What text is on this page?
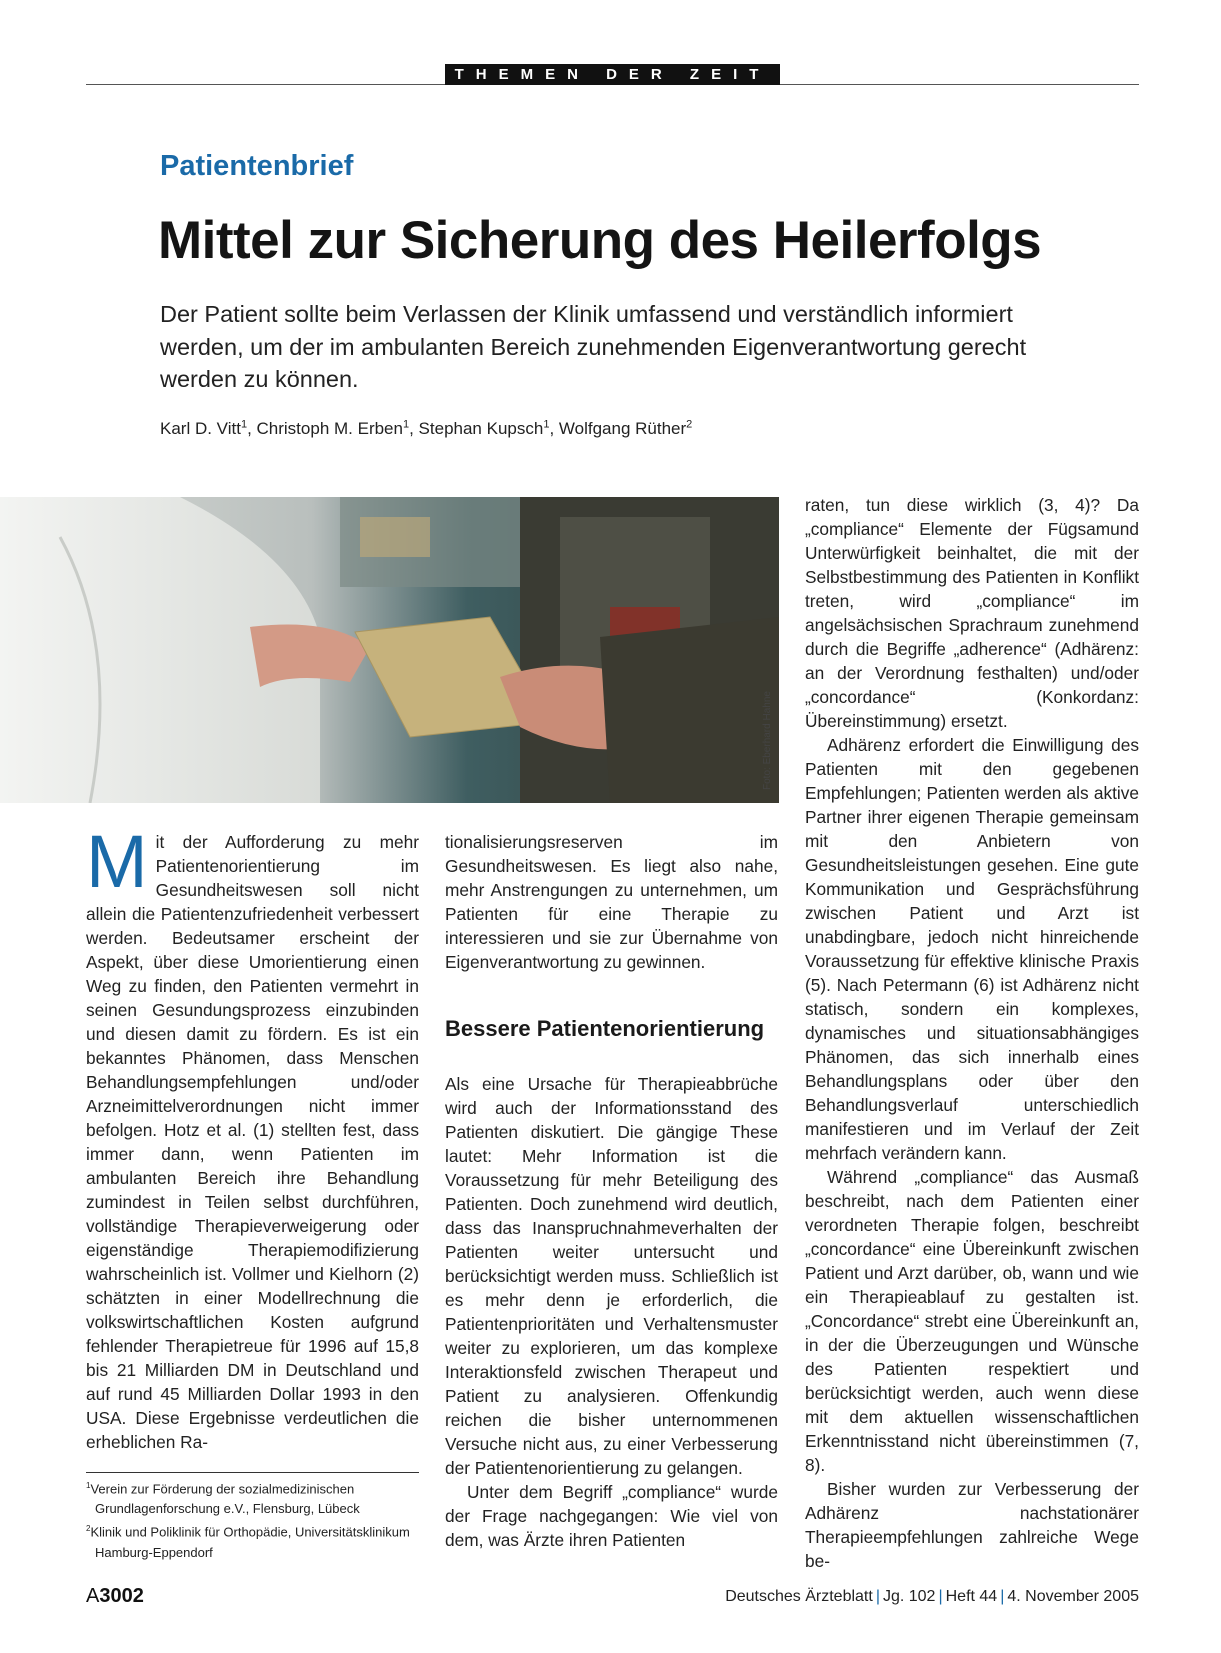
THEMEN DER ZEIT
Patientenbrief
Mittel zur Sicherung des Heilerfolgs
Der Patient sollte beim Verlassen der Klinik umfassend und verständlich informiert werden, um der im ambulanten Bereich zunehmenden Eigenverantwortung gerecht werden zu können.
Karl D. Vitt$^1$, Christoph M. Erben$^1$, Stephan Kupsch$^1$, Wolfgang Rüther$^2$
Foto: Eberhard Hahne
M it der Aufforderung zu mehr Patientenorientierung im Gesundheitswesen soll nicht allein die Patientenzufriedenheit verbessert werden. Bedeutsamer erscheint der Aspekt, über diese Umorientierung einen Weg zu finden, den Patienten vermehrt in seinen Gesundungsprozess einzubinden und diesen damit zu fördern. Es ist ein bekanntes Phänomen, dass Menschen Behandlungsempfehlungen und/oder Arzneimittelverordnungen nicht immer befolgen. Hotz et al. (1) stellten fest, dass immer dann, wenn Patienten im ambulanten Bereich ihre Behandlung zumindest in Teilen selbst durchführen, vollständige Therapieverweigerung oder eigenständige Therapiemodifizierung wahrscheinlich ist. Vollmer und Kielhorn (2) schätzten in einer Modellrechnung die volkswirtschaftlichen Kosten aufgrund fehlender Therapietreue für 1996 auf 15,8 bis 21 Milliarden DM in Deutschland und auf rund 45 Milliarden Dollar 1993 in den USA. Diese Ergebnisse verdeutlichen die erheblichen Ra-

tionalisierungsreserven im Gesundheitswesen. Es liegt also nahe, mehr Anstrengungen zu unternehmen, um Patienten für eine Therapie zu interessieren und sie zur Übernahme von Eigenverantwortung zu gewinnen.

Bessere Patientenorientierung

Als eine Ursache für Therapieabbrüche wird auch der Informationsstand des Patienten diskutiert. Die gängige These lautet: Mehr Information ist die Voraussetzung für mehr Beteiligung des Patienten. Doch zunehmend wird deutlich, dass das Inanspruchnahmeverhalten der Patienten weiter untersucht und berücksichtigt werden muss. Schließlich ist es mehr denn je erforderlich, die Patientenprioritäten und Verhaltensmuster weiter zu explorieren, um das komplexe Interaktionsfeld zwischen Therapeut und Patient zu analysieren. Offenkundig reichen die bisher unternommenen Versuche nicht aus, zu einer Verbesserung der Patientenorientierung zu gelangen.

Unter dem Begriff „compliance“ wurde der Frage nachgegangen: Wie viel von dem, was Ärzte ihren Patienten

raten, tun diese wirklich (3, 4)? Da „compliance“ Elemente der Fügsamund Unterwürfigkeit beinhaltet, die mit der Selbstbestimmung des Patienten in Konflikt treten, wird „compliance“ im angelsächsischen Sprachraum zunehmend durch die Begriffe „adherence“ (Adhärenz: an der Verordnung festhalten) und/oder „concordance“ (Konkordanz: Übereinstimmung) ersetzt.

Adhärenz erfordert die Einwilligung des Patienten mit den gegebenen Empfehlungen; Patienten werden als aktive Partner ihrer eigenen Therapie gemeinsam mit den Anbietern von Gesundheitsleistungen gesehen. Eine gute Kommunikation und Gesprächsführung zwischen Patient und Arzt ist unabdingbare, jedoch nicht hinreichende Voraussetzung für effektive klinische Praxis (5). Nach Petermann (6) ist Adhärenz nicht statisch, sondern ein komplexes, dynamisches und situationsabhängiges Phänomen, das sich innerhalb eines Behandlungsplans oder über den Behandlungsverlauf unterschiedlich manifestieren und im Verlauf der Zeit mehrfach verändern kann.

Während „compliance“ das Ausmaß beschreibt, nach dem Patienten einer verordneten Therapie folgen, beschreibt „concordance“ eine Übereinkunft zwischen Patient und Arzt darüber, ob, wann und wie ein Therapieablauf zu gestalten ist. „Concordance“ strebt eine Übereinkunft an, in der die Überzeugungen und Wünsche des Patienten respektiert und berücksichtigt werden, auch wenn diese mit dem aktuellen wissenschaftlichen Erkenntnisstand nicht übereinstimmen (7, 8).

Bisher wurden zur Verbesserung der Adhärenz nachstationärer Therapieempfehlungen zahlreiche Wege be-

$^1$Verein zur Förderung der sozialmedizinischen Grundlagenforschung e.V., Flensburg, Lübeck
$^2$Klinik und Poliklinik für Orthopädie, Universitätsklinikum Hamburg-Eppendorf
A3002	Deutsches Ärzteblatt | Jg. 102 | Heft 44 | 4. November 2005
